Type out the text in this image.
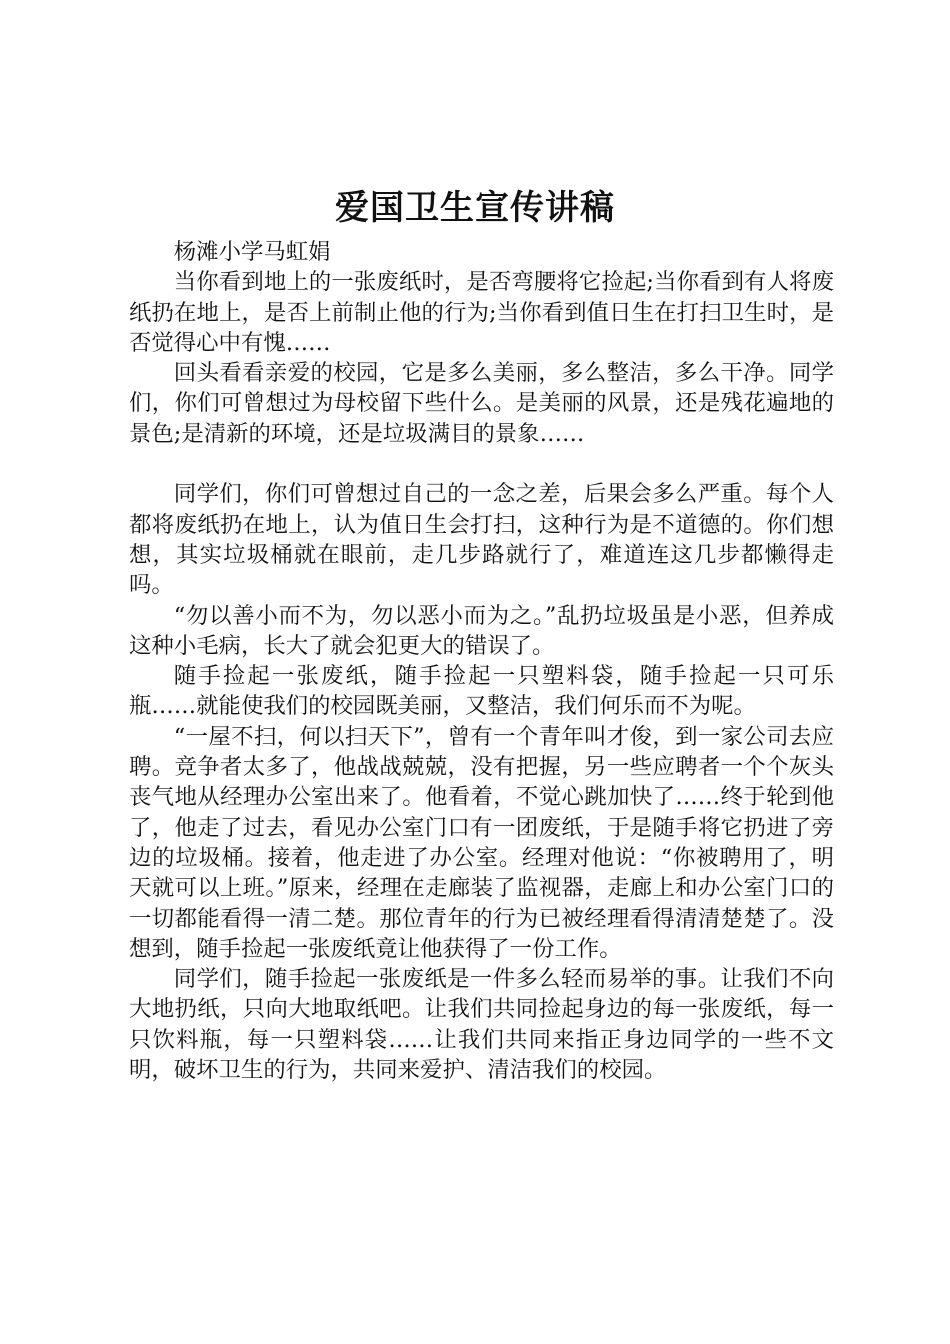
爱国卫生宣传讲稿

杨滩小学马虹娟

当你看到地上的一张废纸时，是否弯腰将它捡起;当你看到有人将废纸扔在地上，是否上前制止他的行为;当你看到值日生在打扫卫生时，是否觉得心中有愧……

回头看看亲爱的校园，它是多么美丽，多么整洁，多么干净。同学们，你们可曾想过为母校留下些什么。是美丽的风景，还是残花遍地的景色;是清新的环境，还是垃圾满目的景象……

同学们，你们可曾想过自己的一念之差，后果会多么严重。每个人都将废纸扔在地上，认为值日生会打扫，这种行为是不道德的。你们想想，其实垃圾桶就在眼前，走几步路就行了，难道连这几步都懒得走吗。

“勿以善小而不为，勿以恶小而为之。”乱扔垃圾虽是小恶，但养成这种小毛病，长大了就会犯更大的错误了。

随手捡起一张废纸，随手捡起一只塑料袋，随手捡起一只可乐瓶……就能使我们的校园既美丽，又整洁，我们何乐而不为呢。

“一屋不扫，何以扫天下”，曾有一个青年叫才俊，到一家公司去应聘。竞争者太多了，他战战兢兢，没有把握，另一些应聘者一个个灰头丧气地从经理办公室出来了。他看着，不觉心跳加快了……终于轮到他了，他走了过去，看见办公室门口有一团废纸，于是随手将它扔进了旁边的垃圾桶。接着，他走进了办公室。经理对他说：“你被聘用了，明天就可以上班。”原来，经理在走廊装了监视器，走廊上和办公室门口的一切都能看得一清二楚。那位青年的行为已被经理看得清清楚楚了。没想到，随手捡起一张废纸竟让他获得了一份工作。

同学们，随手捡起一张废纸是一件多么轻而易举的事。让我们不向大地扔纸，只向大地取纸吧。让我们共同捡起身边的每一张废纸，每一只饮料瓶，每一只塑料袋……让我们共同来指正身边同学的一些不文明，破坏卫生的行为，共同来爱护、清洁我们的校园。
